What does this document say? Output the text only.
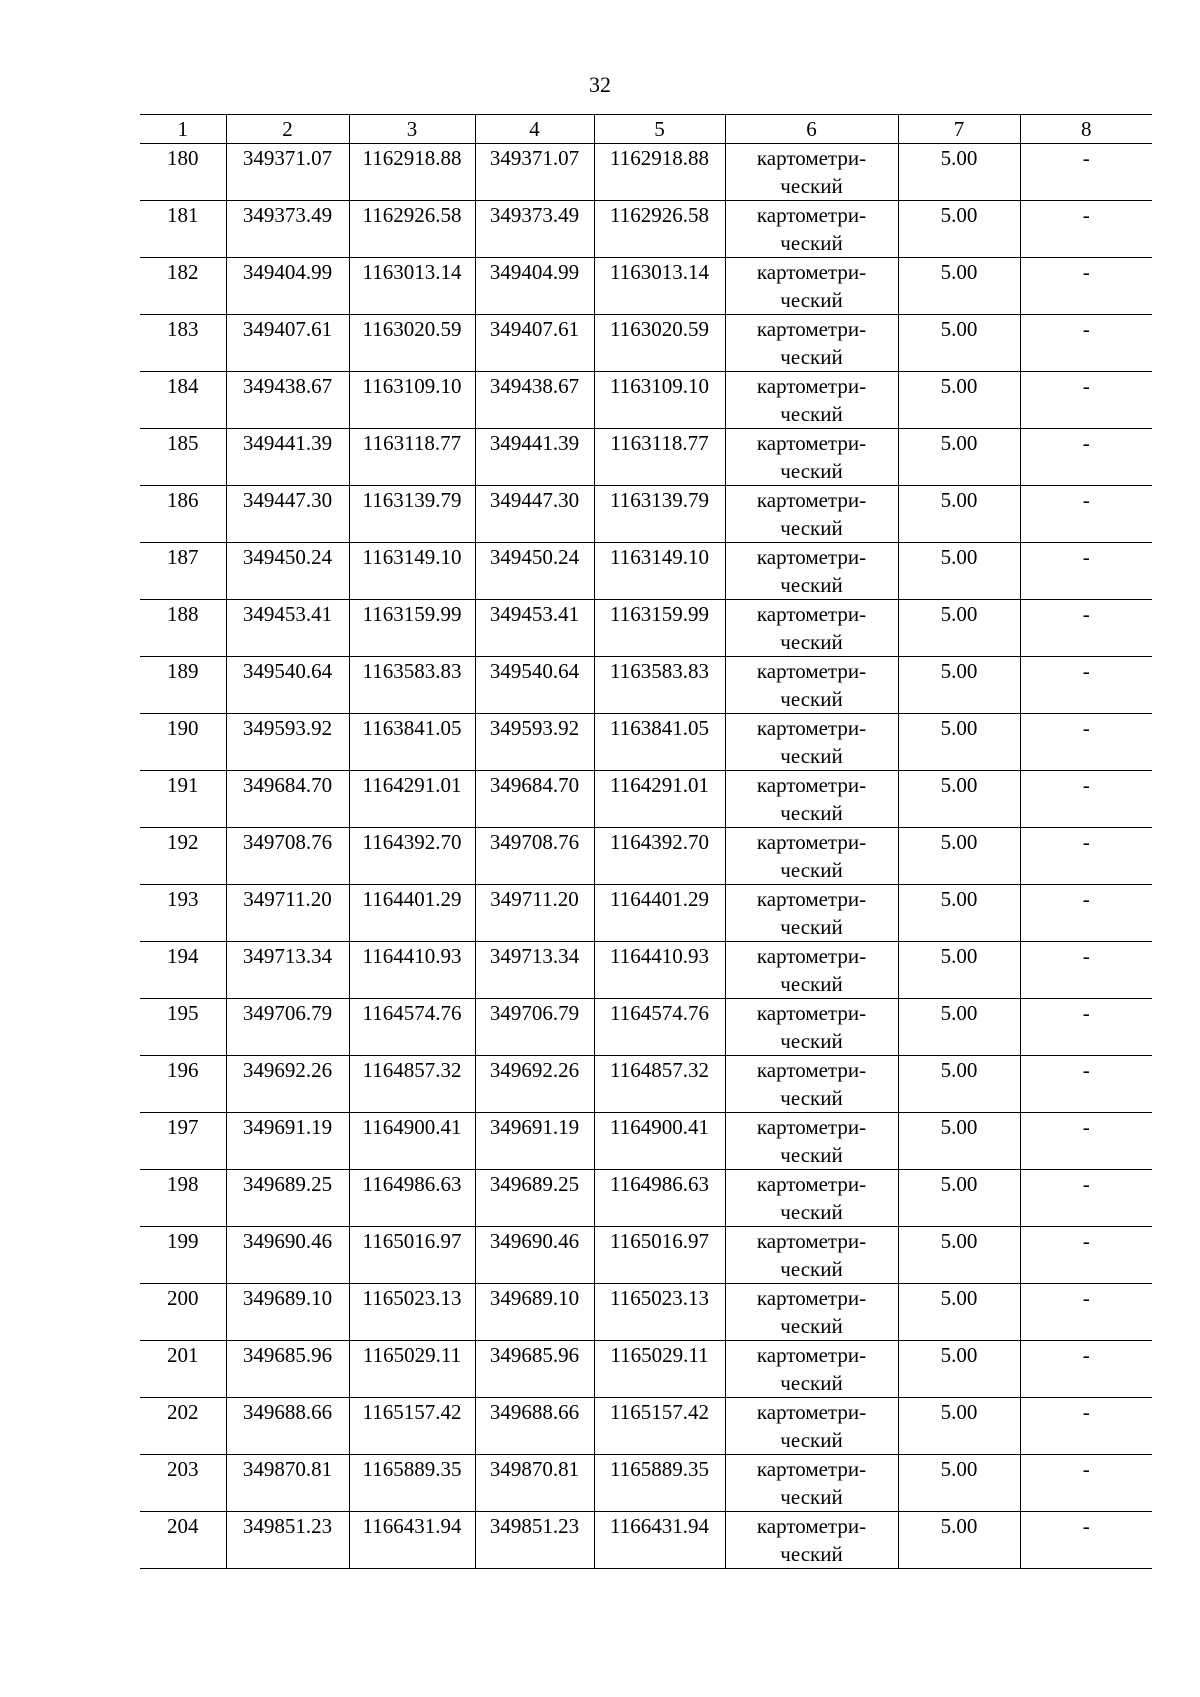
32
1	2	3	4	5	6	7	8
180	349371.07	1162918.88	349371.07	1162918.88	картометри-
ческий	5.00	-
181	349373.49	1162926.58	349373.49	1162926.58	картометри-
ческий	5.00	-
182	349404.99	1163013.14	349404.99	1163013.14	картометри-
ческий	5.00	-
183	349407.61	1163020.59	349407.61	1163020.59	картометри-
ческий	5.00	-
184	349438.67	1163109.10	349438.67	1163109.10	картометри-
ческий	5.00	-
185	349441.39	1163118.77	349441.39	1163118.77	картометри-
ческий	5.00	-
186	349447.30	1163139.79	349447.30	1163139.79	картометри-
ческий	5.00	-
187	349450.24	1163149.10	349450.24	1163149.10	картометри-
ческий	5.00	-
188	349453.41	1163159.99	349453.41	1163159.99	картометри-
ческий	5.00	-
189	349540.64	1163583.83	349540.64	1163583.83	картометри-
ческий	5.00	-
190	349593.92	1163841.05	349593.92	1163841.05	картометри-
ческий	5.00	-
191	349684.70	1164291.01	349684.70	1164291.01	картометри-
ческий	5.00	-
192	349708.76	1164392.70	349708.76	1164392.70	картометри-
ческий	5.00	-
193	349711.20	1164401.29	349711.20	1164401.29	картометри-
ческий	5.00	-
194	349713.34	1164410.93	349713.34	1164410.93	картометри-
ческий	5.00	-
195	349706.79	1164574.76	349706.79	1164574.76	картометри-
ческий	5.00	-
196	349692.26	1164857.32	349692.26	1164857.32	картометри-
ческий	5.00	-
197	349691.19	1164900.41	349691.19	1164900.41	картометри-
ческий	5.00	-
198	349689.25	1164986.63	349689.25	1164986.63	картометри-
ческий	5.00	-
199	349690.46	1165016.97	349690.46	1165016.97	картометри-
ческий	5.00	-
200	349689.10	1165023.13	349689.10	1165023.13	картометри-
ческий	5.00	-
201	349685.96	1165029.11	349685.96	1165029.11	картометри-
ческий	5.00	-
202	349688.66	1165157.42	349688.66	1165157.42	картометри-
ческий	5.00	-
203	349870.81	1165889.35	349870.81	1165889.35	картометри-
ческий	5.00	-
204	349851.23	1166431.94	349851.23	1166431.94	картометри-
ческий	5.00	-
